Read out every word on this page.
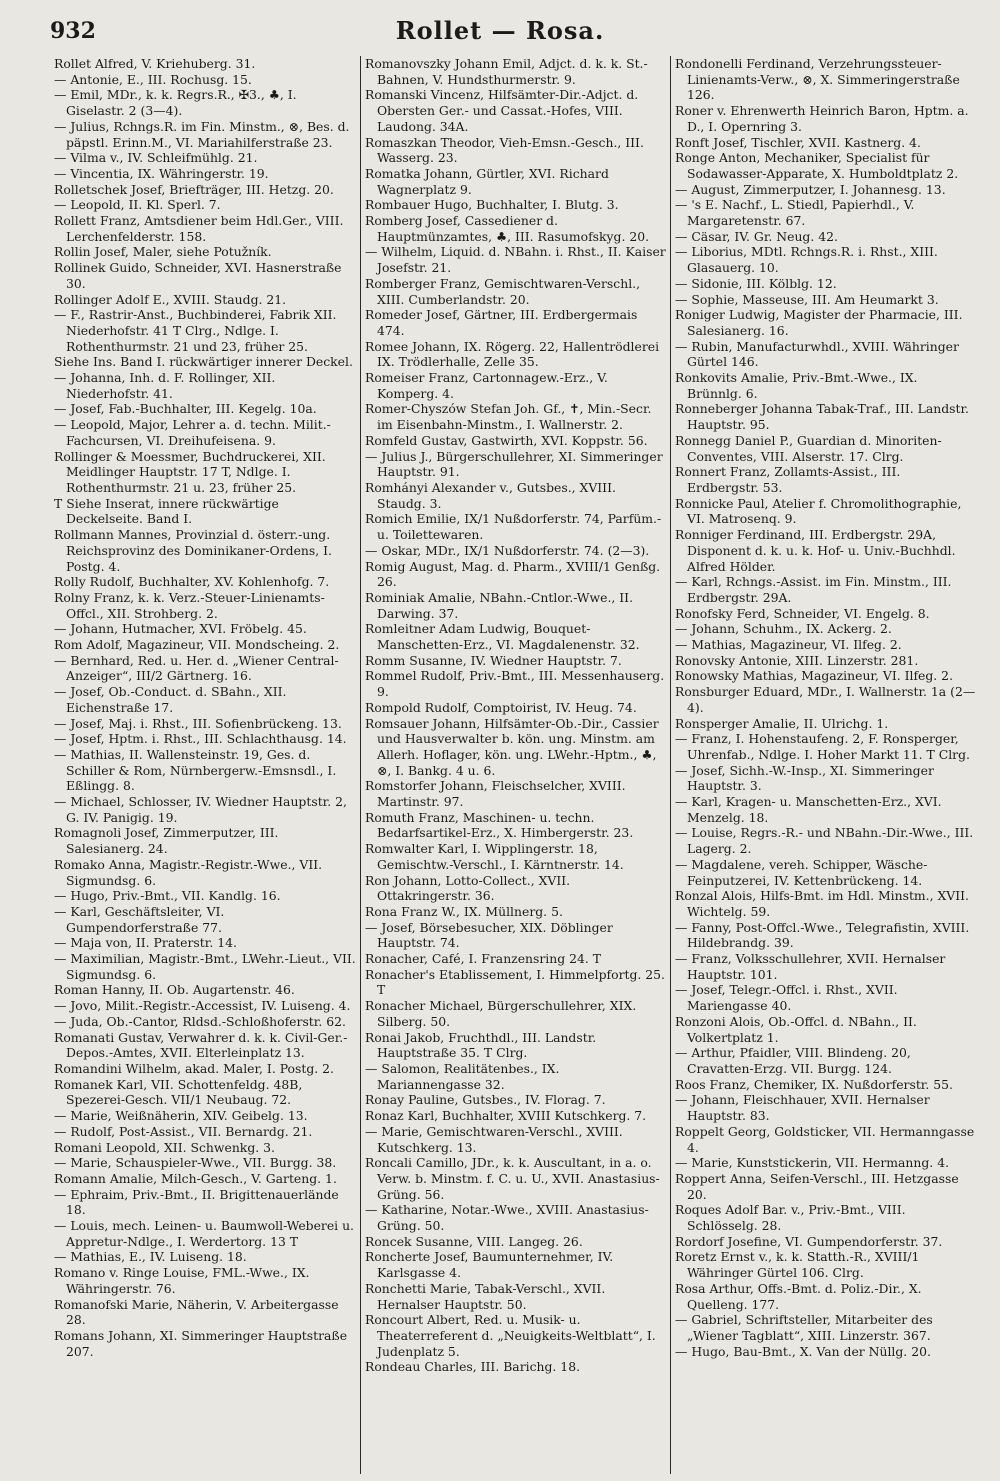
932	Rollet — Rosa.
Rollet Alfred, V. Kriehuberg. 31.
— Antonie, E., III. Rochusg. 15.
— Emil, MDr., k. k. Regrs.R., ✠3., ♣, I. Giselastr. 2 (3—4).
— Julius, Rchngs.R. im Fin. Minstm., ⊗, Bes. d. päpstl. Erinn.M., VI. Mariahilferstraße 23.
— Vilma v., IV. Schleifmühlg. 21.
— Vincentia, IX. Währingerstr. 19.
Rolletschek Josef, Briefträger, III. Hetzg. 20.
— Leopold, II. Kl. Sperl. 7.
Rollett Franz, Amtsdiener beim Hdl.Ger., VIII. Lerchenfelderstr. 158.
Rollin Josef, Maler, siehe Potužník.
Rollinek Guido, Schneider, XVI. Hasnerstraße 30.
Rollinger Adolf E., XVIII. Staudg. 21.
— F., Rastrir-Anst., Buchbinderei, Fabrik XII. Niederhofstr. 41 T Clrg., Ndlge. I. Rothenthurmstr. 21 und 23, früher 25.
Siehe Ins. Band I. rückwärtiger innerer Deckel.
— Johanna, Inh. d. F. Rollinger, XII. Niederhofstr. 41.
— Josef, Fab.-Buchhalter, III. Kegelg. 10a.
— Leopold, Major, Lehrer a. d. techn. Milit.-Fachcursen, VI. Dreihufeisena. 9.
Rollinger & Moessmer, Buchdruckerei, XII. Meidlinger Hauptstr. 17 T, Ndlge. I. Rothenthurmstr. 21 u. 23, früher 25.
T Siehe Inserat, innere rückwärtige Deckelseite. Band I.
Rollmann Mannes, Provinzial d. österr.-ung. Reichsprovinz des Dominikaner-Ordens, I. Postg. 4.
Rolly Rudolf, Buchhalter, XV. Kohlenhofg. 7.
Rolny Franz, k. k. Verz.-Steuer-Linienamts-Offcl., XII. Strohberg. 2.
— Johann, Hutmacher, XVI. Fröbelg. 45.
Rom Adolf, Magazineur, VII. Mondscheing. 2.
— Bernhard, Red. u. Her. d. „Wiener Central-Anzeiger“, III/2 Gärtnerg. 16.
— Josef, Ob.-Conduct. d. SBahn., XII. Eichenstraße 17.
— Josef, Maj. i. Rhst., III. Sofienbrückeng. 13.
— Josef, Hptm. i. Rhst., III. Schlachthausg. 14.
— Mathias, II. Wallensteinstr. 19, Ges. d. Schiller & Rom, Nürnbergerw.-Emsnsdl., I. Eßlingg. 8.
— Michael, Schlosser, IV. Wiedner Hauptstr. 2, G. IV. Panigig. 19.
Romagnoli Josef, Zimmerputzer, III. Salesianerg. 24.
Romako Anna, Magistr.-Registr.-Wwe., VII. Sigmundsg. 6.
— Hugo, Priv.-Bmt., VII. Kandlg. 16.
— Karl, Geschäftsleiter, VI. Gumpendorferstraße 77.
— Maja von, II. Praterstr. 14.
— Maximilian, Magistr.-Bmt., LWehr.-Lieut., VII. Sigmundsg. 6.
Roman Hanny, II. Ob. Augartenstr. 46.
— Jovo, Milit.-Registr.-Accessist, IV. Luiseng. 4.
— Juda, Ob.-Cantor, Rldsd.-Schloßhoferstr. 62.
Romanati Gustav, Verwahrer d. k. k. Civil-Ger.-Depos.-Amtes, XVII. Elterleinplatz 13.
Romandini Wilhelm, akad. Maler, I. Postg. 2.
Romanek Karl, VII. Schottenfeldg. 48B, Spezerei-Gesch. VII/1 Neubaug. 72.
— Marie, Weißnäherin, XIV. Geibelg. 13.
— Rudolf, Post-Assist., VII. Bernardg. 21.
Romani Leopold, XII. Schwenkg. 3.
— Marie, Schauspieler-Wwe., VII. Burgg. 38.
Romann Amalie, Milch-Gesch., V. Garteng. 1.
— Ephraim, Priv.-Bmt., II. Brigittenauerlände 18.
— Louis, mech. Leinen- u. Baumwoll-Weberei u. Appretur-Ndlge., I. Werdertorg. 13 T
— Mathias, E., IV. Luiseng. 18.
Romano v. Ringe Louise, FML.-Wwe., IX. Währingerstr. 76.
Romanofski Marie, Näherin, V. Arbeitergasse 28.
Romans Johann, XI. Simmeringer Hauptstraße 207.
Romanovszky Johann Emil, Adjct. d. k. k. St.-Bahnen, V. Hundsthurmerstr. 9.
Romanski Vincenz, Hilfsämter-Dir.-Adjct. d. Obersten Ger.- und Cassat.-Hofes, VIII. Laudong. 34A.
Romaszkan Theodor, Vieh-Emsn.-Gesch., III. Wasserg. 23.
Romatka Johann, Gürtler, XVI. Richard Wagnerplatz 9.
Rombauer Hugo, Buchhalter, I. Blutg. 3.
Romberg Josef, Cassediener d. Hauptmünzamtes, ♣, III. Rasumofskyg. 20.
— Wilhelm, Liquid. d. NBahn. i. Rhst., II. Kaiser Josefstr. 21.
Romberger Franz, Gemischtwaren-Verschl., XIII. Cumberlandstr. 20.
Romeder Josef, Gärtner, III. Erdbergermais 474.
Romee Johann, IX. Rögerg. 22, Hallentrödlerei IX. Trödlerhalle, Zelle 35.
Romeiser Franz, Cartonnagew.-Erz., V. Komperg. 4.
Romer-Chyszów Stefan Joh. Gf., ✝, Min.-Secr. im Eisenbahn-Minstm., I. Wallnerstr. 2.
Romfeld Gustav, Gastwirth, XVI. Koppstr. 56.
— Julius J., Bürgerschullehrer, XI. Simmeringer Hauptstr. 91.
Romhányi Alexander v., Gutsbes., XVIII. Staudg. 3.
Romich Emilie, IX/1 Nußdorferstr. 74, Parfüm.- u. Toilettewaren.
— Oskar, MDr., IX/1 Nußdorferstr. 74. (2—3).
Romig August, Mag. d. Pharm., XVIII/1 Genßg. 26.
Rominiak Amalie, NBahn.-Cntlor.-Wwe., II. Darwing. 37.
Romleitner Adam Ludwig, Bouquet-Manschetten-Erz., VI. Magdalenenstr. 32.
Romm Susanne, IV. Wiedner Hauptstr. 7.
Rommel Rudolf, Priv.-Bmt., III. Messenhauserg. 9.
Rompold Rudolf, Comptoirist, IV. Heug. 74.
Romsauer Johann, Hilfsämter-Ob.-Dir., Cassier und Hausverwalter b. kön. ung. Minstm. am Allerh. Hoflager, kön. ung. LWehr.-Hptm., ♣, ⊗, I. Bankg. 4 u. 6.
Romstorfer Johann, Fleischselcher, XVIII. Martinstr. 97.
Romuth Franz, Maschinen- u. techn. Bedarfsartikel-Erz., X. Himbergerstr. 23.
Romwalter Karl, I. Wipplingerstr. 18, Gemischtw.-Verschl., I. Kärntnerstr. 14.
Ron Johann, Lotto-Collect., XVII. Ottakringerstr. 36.
Rona Franz W., IX. Müllnerg. 5.
— Josef, Börsebesucher, XIX. Döblinger Hauptstr. 74.
Ronacher, Café, I. Franzensring 24. T
Ronacher's Etablissement, I. Himmelpfortg. 25. T
Ronacher Michael, Bürgerschullehrer, XIX. Silberg. 50.
Ronai Jakob, Fruchthdl., III. Landstr. Hauptstraße 35. T Clrg.
— Salomon, Realitätenbes., IX. Mariannengasse 32.
Ronay Pauline, Gutsbes., IV. Florag. 7.
Ronaz Karl, Buchhalter, XVIII Kutschkerg. 7.
— Marie, Gemischtwaren-Verschl., XVIII. Kutschkerg. 13.
Roncali Camillo, JDr., k. k. Auscultant, in a. o. Verw. b. Minstm. f. C. u. U., XVII. Anastasius-Grüng. 56.
— Katharine, Notar.-Wwe., XVIII. Anastasius-Grüng. 50.
Roncek Susanne, VIII. Langeg. 26.
Roncherte Josef, Baumunternehmer, IV. Karlsgasse 4.
Ronchetti Marie, Tabak-Verschl., XVII. Hernalser Hauptstr. 50.
Roncourt Albert, Red. u. Musik- u. Theaterreferent d. „Neuigkeits-Weltblatt“, I. Judenplatz 5.
Rondeau Charles, III. Barichg. 18.
Rondonelli Ferdinand, Verzehrungssteuer-Linienamts-Verw., ⊗, X. Simmeringerstraße 126.
Roner v. Ehrenwerth Heinrich Baron, Hptm. a. D., I. Opernring 3.
Ronft Josef, Tischler, XVII. Kastnerg. 4.
Ronge Anton, Mechaniker, Specialist für Sodawasser-Apparate, X. Humboldtplatz 2.
— August, Zimmerputzer, I. Johannesg. 13.
— 's E. Nachf., L. Stiedl, Papierhdl., V. Margaretenstr. 67.
— Cäsar, IV. Gr. Neug. 42.
— Liborius, MDtl. Rchngs.R. i. Rhst., XIII. Glasauerg. 10.
— Sidonie, III. Kölblg. 12.
— Sophie, Masseuse, III. Am Heumarkt 3.
Roniger Ludwig, Magister der Pharmacie, III. Salesianerg. 16.
— Rubin, Manufacturwhdl., XVIII. Währinger Gürtel 146.
Ronkovits Amalie, Priv.-Bmt.-Wwe., IX. Brünnlg. 6.
Ronneberger Johanna Tabak-Traf., III. Landstr. Hauptstr. 95.
Ronnegg Daniel P., Guardian d. Minoriten-Conventes, VIII. Alserstr. 17. Clrg.
Ronnert Franz, Zollamts-Assist., III. Erdbergstr. 53.
Ronnicke Paul, Atelier f. Chromolithographie, VI. Matrosenq. 9.
Ronniger Ferdinand, III. Erdbergstr. 29A, Disponent d. k. u. k. Hof- u. Univ.-Buchhdl. Alfred Hölder.
— Karl, Rchngs.-Assist. im Fin. Minstm., III. Erdbergstr. 29A.
Ronofsky Ferd, Schneider, VI. Engelg. 8.
— Johann, Schuhm., IX. Ackerg. 2.
— Mathias, Magazineur, VI. Ilfeg. 2.
Ronovsky Antonie, XIII. Linzerstr. 281.
Ronowsky Mathias, Magazineur, VI. Ilfeg. 2.
Ronsburger Eduard, MDr., I. Wallnerstr. 1a (2—4).
Ronsperger Amalie, II. Ulrichg. 1.
— Franz, I. Hohenstaufeng. 2, F. Ronsperger, Uhrenfab., Ndlge. I. Hoher Markt 11. T Clrg.
— Josef, Sichh.-W.-Insp., XI. Simmeringer Hauptstr. 3.
— Karl, Kragen- u. Manschetten-Erz., XVI. Menzelg. 18.
— Louise, Regrs.-R.- und NBahn.-Dir.-Wwe., III. Lagerg. 2.
— Magdalene, vereh. Schipper, Wäsche-Feinputzerei, IV. Kettenbrückeng. 14.
Ronzal Alois, Hilfs-Bmt. im Hdl. Minstm., XVII. Wichtelg. 59.
— Fanny, Post-Offcl.-Wwe., Telegrafistin, XVIII. Hildebrandg. 39.
— Franz, Volksschullehrer, XVII. Hernalser Hauptstr. 101.
— Josef, Telegr.-Offcl. i. Rhst., XVII. Mariengasse 40.
Ronzoni Alois, Ob.-Offcl. d. NBahn., II. Volkertplatz 1.
— Arthur, Pfaidler, VIII. Blindeng. 20, Cravatten-Erzg. VII. Burgg. 124.
Roos Franz, Chemiker, IX. Nußdorferstr. 55.
— Johann, Fleischhauer, XVII. Hernalser Hauptstr. 83.
Roppelt Georg, Goldsticker, VII. Hermanngasse 4.
— Marie, Kunststickerin, VII. Hermanng. 4.
Roppert Anna, Seifen-Verschl., III. Hetzgasse 20.
Roques Adolf Bar. v., Priv.-Bmt., VIII. Schlösselg. 28.
Rordorf Josefine, VI. Gumpendorferstr. 37.
Roretz Ernst v., k. k. Statth.-R., XVIII/1 Währinger Gürtel 106. Clrg.
Rosa Arthur, Offs.-Bmt. d. Poliz.-Dir., X. Quelleng. 177.
— Gabriel, Schriftsteller, Mitarbeiter des „Wiener Tagblatt“, XIII. Linzerstr. 367.
— Hugo, Bau-Bmt., X. Van der Nüllg. 20.
